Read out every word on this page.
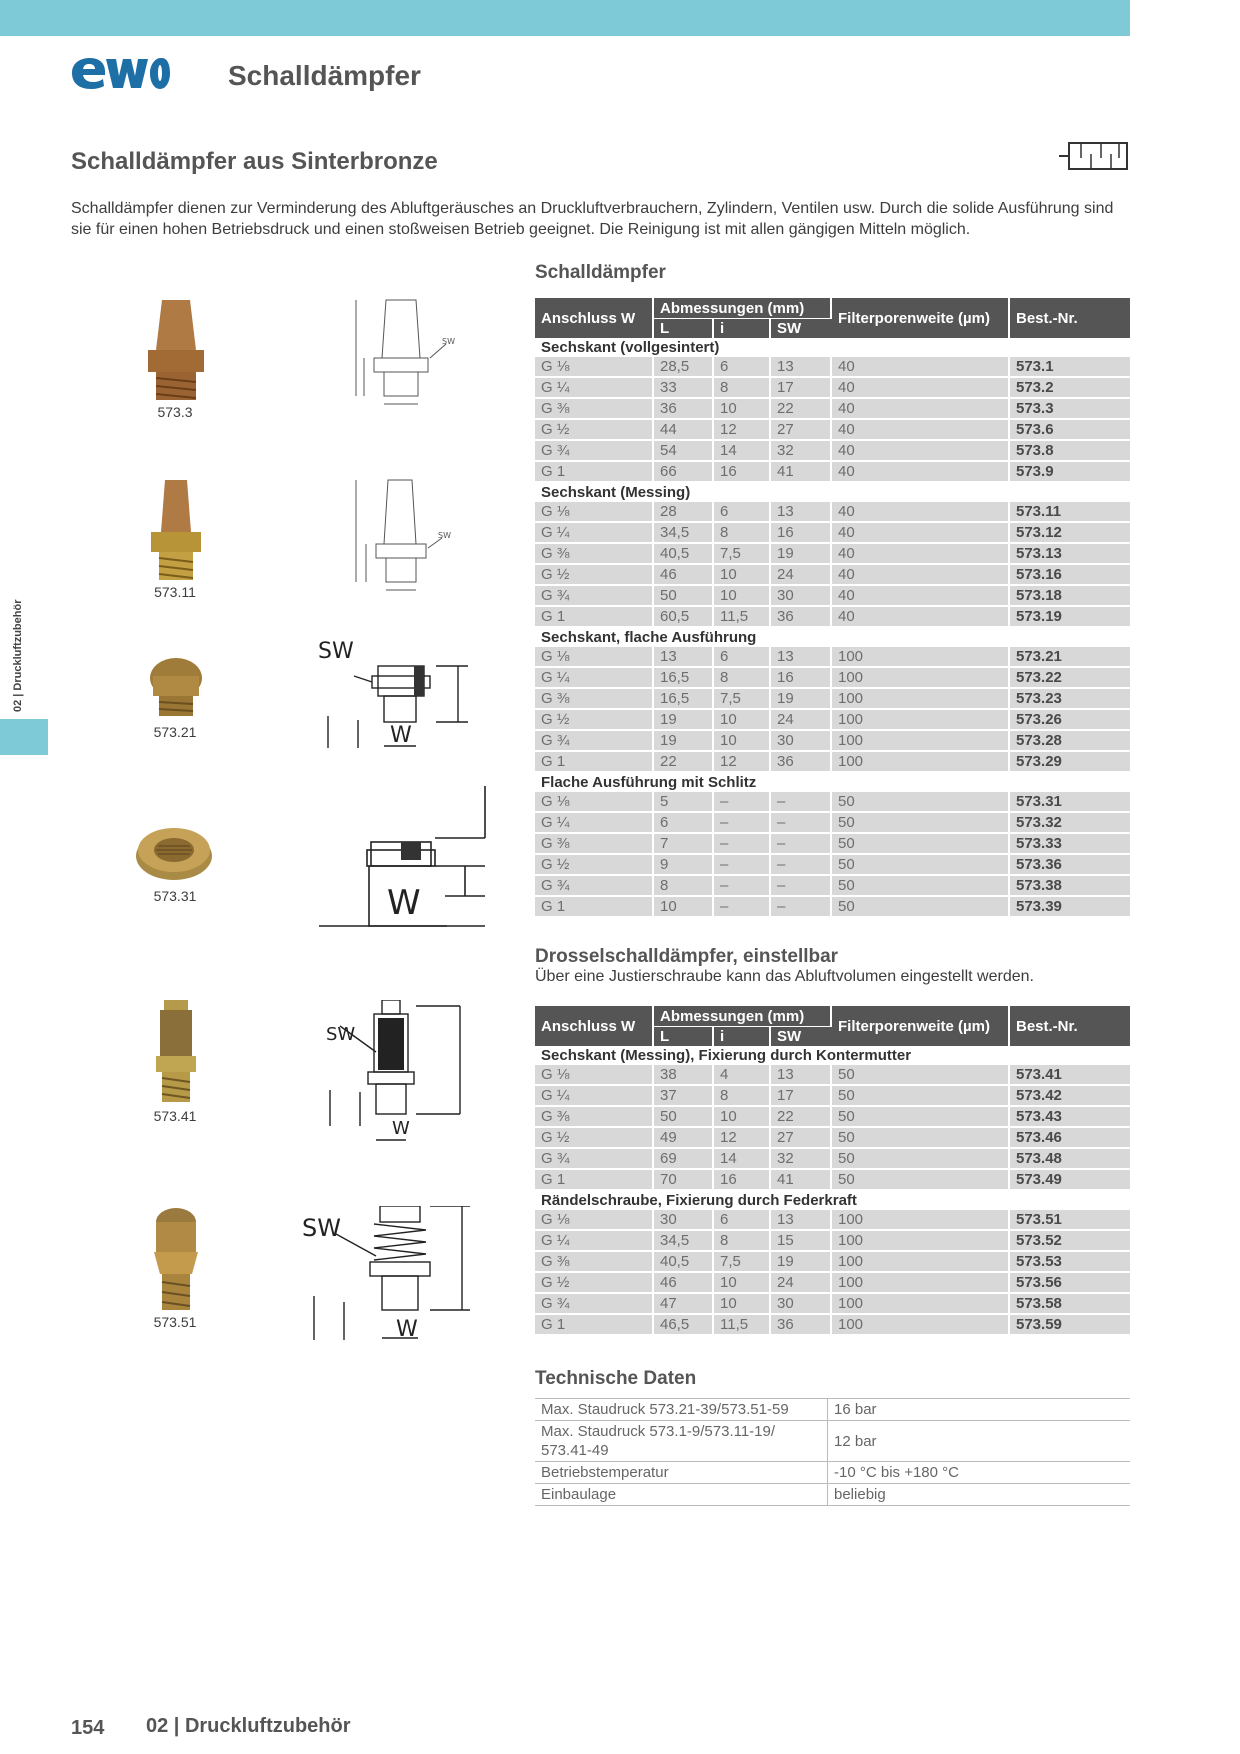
Schalldämpfer
Schalldämpfer aus Sinterbronze
Schalldämpfer dienen zur Verminderung des Abluftgeräusches an Druckluftverbrauchern, Zylindern, Ventilen usw. Durch die solide Ausführung sind sie für einen hohen Betriebsdruck und einen stoßweisen Betrieb geeignet. Die Reinigung ist mit allen gängigen Mitteln möglich.
02 | Druckluftzubehör
573.3
SW
573.11
SW
573.21
SW
W
573.31	W
573.41
SW
W
573.51
SW
W
Schalldämpfer
Anschluss W	Abmessungen (mm)			Filterporenweite (µm)	Best.-Nr.
	L	i	SW		
Sechskant (vollgesintert)					
G ⅛	28,5	6	13	40	573.1
G ¼	33	8	17	40	573.2
G ⅜	36	10	22	40	573.3
G ½	44	12	27	40	573.6
G ¾	54	14	32	40	573.8
G 1	66	16	41	40	573.9
Sechskant (Messing)					
G ⅛	28	6	13	40	573.11
G ¼	34,5	8	16	40	573.12
G ⅜	40,5	7,5	19	40	573.13
G ½	46	10	24	40	573.16
G ¾	50	10	30	40	573.18
G 1	60,5	11,5	36	40	573.19
Sechskant, flache Ausführung					
G ⅛	13	6	13	100	573.21
G ¼	16,5	8	16	100	573.22
G ⅜	16,5	7,5	19	100	573.23
G ½	19	10	24	100	573.26
G ¾	19	10	30	100	573.28
G 1	22	12	36	100	573.29
Flache Ausführung mit Schlitz					
G ⅛	5	–	–	50	573.31
G ¼	6	–	–	50	573.32
G ⅜	7	–	–	50	573.33
G ½	9	–	–	50	573.36
G ¾	8	–	–	50	573.38
G 1	10	–	–	50	573.39
Drosselschalldämpfer, einstellbar
Über eine Justierschraube kann das Abluftvolumen eingestellt werden.
Anschluss W	Abmessungen (mm)			Filterporenweite (µm)	Best.-Nr.
	L	i	SW		
Sechskant (Messing), Fixierung durch Kontermutter					
G ⅛	38	4	13	50	573.41
G ¼	37	8	17	50	573.42
G ⅜	50	10	22	50	573.43
G ½	49	12	27	50	573.46
G ¾	69	14	32	50	573.48
G 1	70	16	41	50	573.49
Rändelschraube, Fixierung durch Federkraft					
G ⅛	30	6	13	100	573.51
G ¼	34,5	8	15	100	573.52
G ⅜	40,5	7,5	19	100	573.53
G ½	46	10	24	100	573.56
G ¾	47	10	30	100	573.58
G 1	46,5	11,5	36	100	573.59
Technische Daten
Max. Staudruck 573.21-39/573.51-59	16 bar
Max. Staudruck 573.1-9/573.11-19/ 573.41-49	12 bar
Betriebstemperatur	-10 °C bis +180 °C
Einbaulage	beliebig
154 02 | Druckluftzubehör
